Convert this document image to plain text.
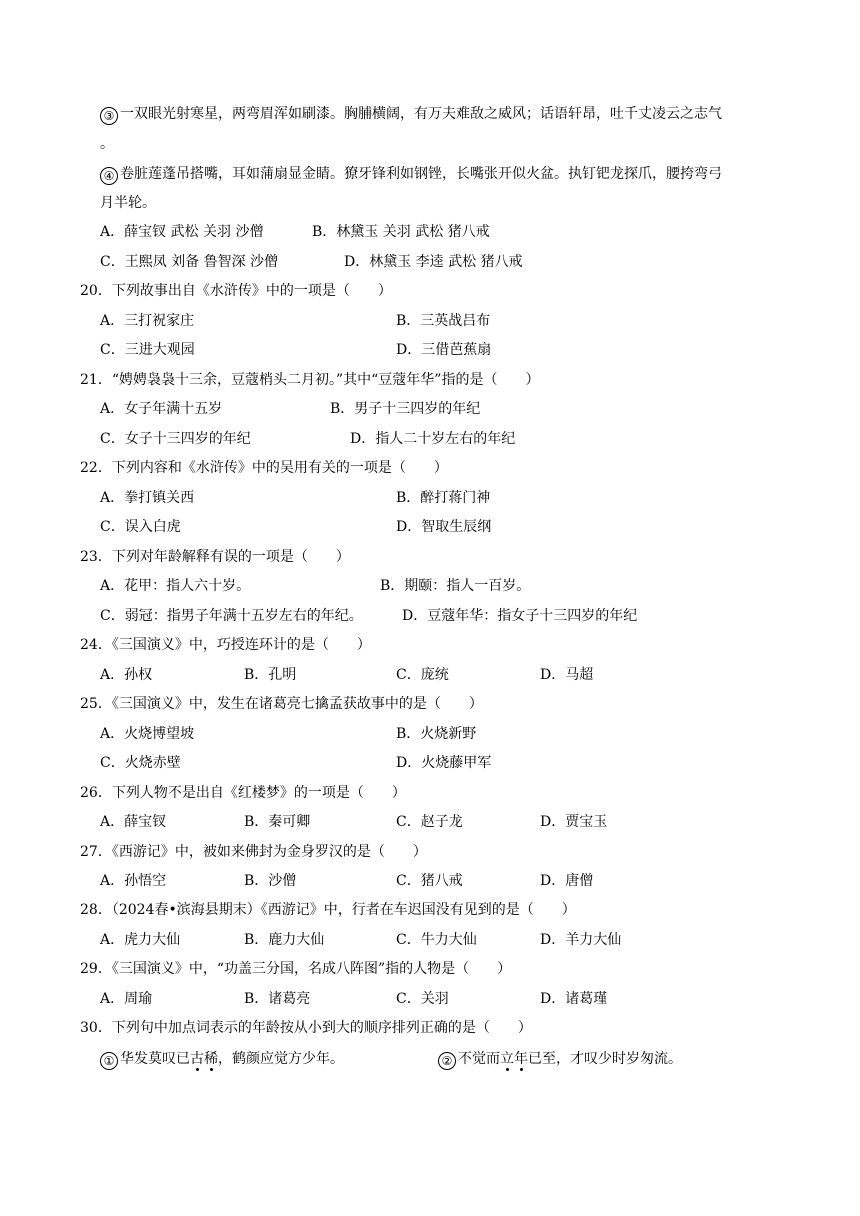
③ 一双眼光射寒星，两弯眉浑如刷漆。胸脯横阔，有万夫难敌之威风；话语轩昂，吐千丈凌云之志气
。
④ 卷脏莲蓬吊搭嘴，耳如蒲扇显金睛。獠牙锋利如钢锉，长嘴张开似火盆。执钉钯龙探爪，腰挎弯弓
月半轮。
A．薛宝钗 武松 关羽 沙僧	B．林黛玉 关羽 武松 猪八戒
C．王熙凤 刘备 鲁智深 沙僧	D．林黛玉 李逵 武松 猪八戒
20．下列故事出自《水浒传》中的一项是（　　）
A．三打祝家庄	B．三英战吕布
C．三进大观园	D．三借芭蕉扇
21．“娉娉袅袅十三余，豆蔻梢头二月初。”其中“豆蔻年华”指的是（　　）
A．女子年满十五岁	B．男子十三四岁的年纪
C．女子十三四岁的年纪	D．指人二十岁左右的年纪
22．下列内容和《水浒传》中的吴用有关的一项是（　　）
A．拳打镇关西	B．醉打蒋门神
C．误入白虎	D．智取生辰纲
23．下列对年龄解释有误的一项是（　　）
A．花甲：指人六十岁。	B．期颐：指人一百岁。
C．弱冠：指男子年满十五岁左右的年纪。	D．豆蔻年华：指女子十三四岁的年纪
24．《三国演义》中，巧授连环计的是（　　）
A．孙权	B．孔明	C．庞统	D．马超
25．《三国演义》中，发生在诸葛亮七擒孟获故事中的是（　　）
A．火烧博望坡	B．火烧新野
C．火烧赤壁	D．火烧藤甲军
26．下列人物不是出自《红楼梦》的一项是（　　）
A．薛宝钗	B．秦可卿	C．赵子龙	D．贾宝玉
27．《西游记》中，被如来佛封为金身罗汉的是（　　）
A．孙悟空	B．沙僧	C．猪八戒	D．唐僧
28．（2024春•滨海县期末）《西游记》中，行者在车迟国没有见到的是（　　）
A．虎力大仙	B．鹿力大仙	C．牛力大仙	D．羊力大仙
29．《三国演义》中，“功盖三分国，名成八阵图”指的人物是（　　）
A．周瑜	B．诸葛亮	C．关羽	D．诸葛瑾
30．下列句中加点词表示的年龄按从小到大的顺序排列正确的是（　　）
① 华发莫叹已古稀，鹤颜应觉方少年。	② 不觉而立年已至，才叹少时岁匆流。
